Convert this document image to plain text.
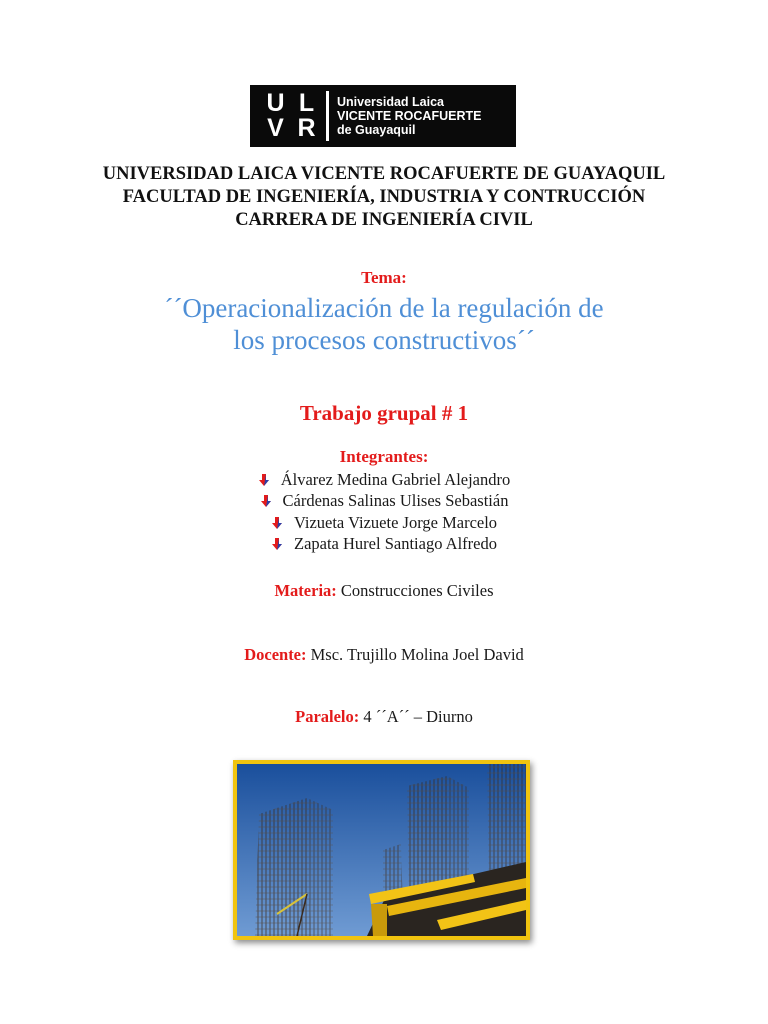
U L
V R
Universidad Laica
VICENTE ROCAFUERTE
de Guayaquil
UNIVERSIDAD LAICA VICENTE ROCAFUERTE DE GUAYAQUIL
FACULTAD DE INGENIERÍA, INDUSTRIA Y CONTRUCCIÓN
CARRERA DE INGENIERÍA CIVIL
Tema:
´´Operacionalización de la regulación de
los procesos constructivos´´
Trabajo grupal # 1
Integrantes:
Álvarez Medina Gabriel Alejandro
Cárdenas Salinas Ulises Sebastián
Vizueta Vizuete Jorge Marcelo
Zapata Hurel Santiago Alfredo
Materia: Construcciones Civiles
Docente: Msc. Trujillo Molina Joel David
Paralelo: 4 ´´A´´ – Diurno
